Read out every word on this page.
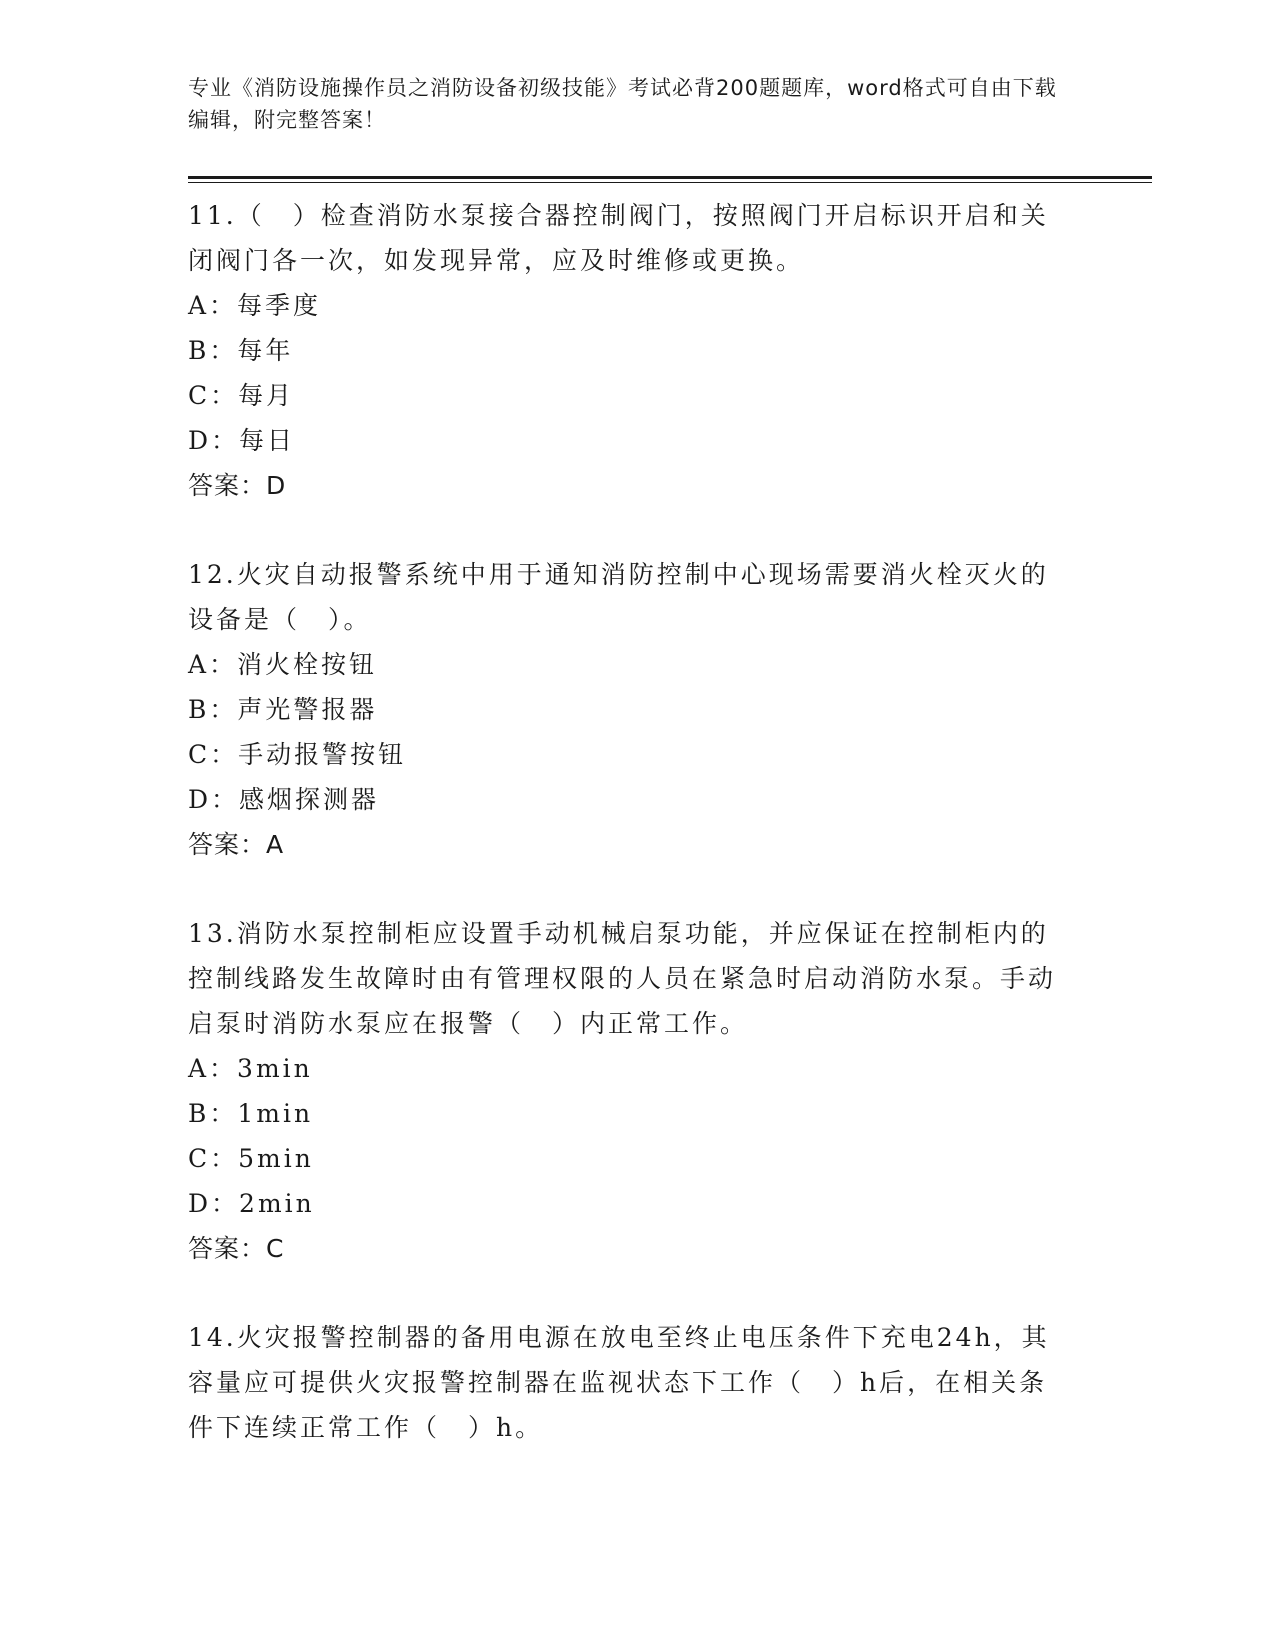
专业《消防设施操作员之消防设备初级技能》考试必背200题题库，word格式可自由下载编辑，附完整答案！

11.（　）检查消防水泵接合器控制阀门，按照阀门开启标识开启和关闭阀门各一次，如发现异常，应及时维修或更换。

A：每季度

B：每年

C：每月

D：每日

答案：D

12.火灾自动报警系统中用于通知消防控制中心现场需要消火栓灭火的设备是（　）。

A：消火栓按钮

B：声光警报器

C：手动报警按钮

D：感烟探测器

答案：A

13.消防水泵控制柜应设置手动机械启泵功能，并应保证在控制柜内的控制线路发生故障时由有管理权限的人员在紧急时启动消防水泵。手动启泵时消防水泵应在报警（　）内正常工作。

A：3min

B：1min

C：5min

D：2min

答案：C

14.火灾报警控制器的备用电源在放电至终止电压条件下充电24h，其容量应可提供火灾报警控制器在监视状态下工作（　）h后，在相关条件下连续正常工作（　）h。
